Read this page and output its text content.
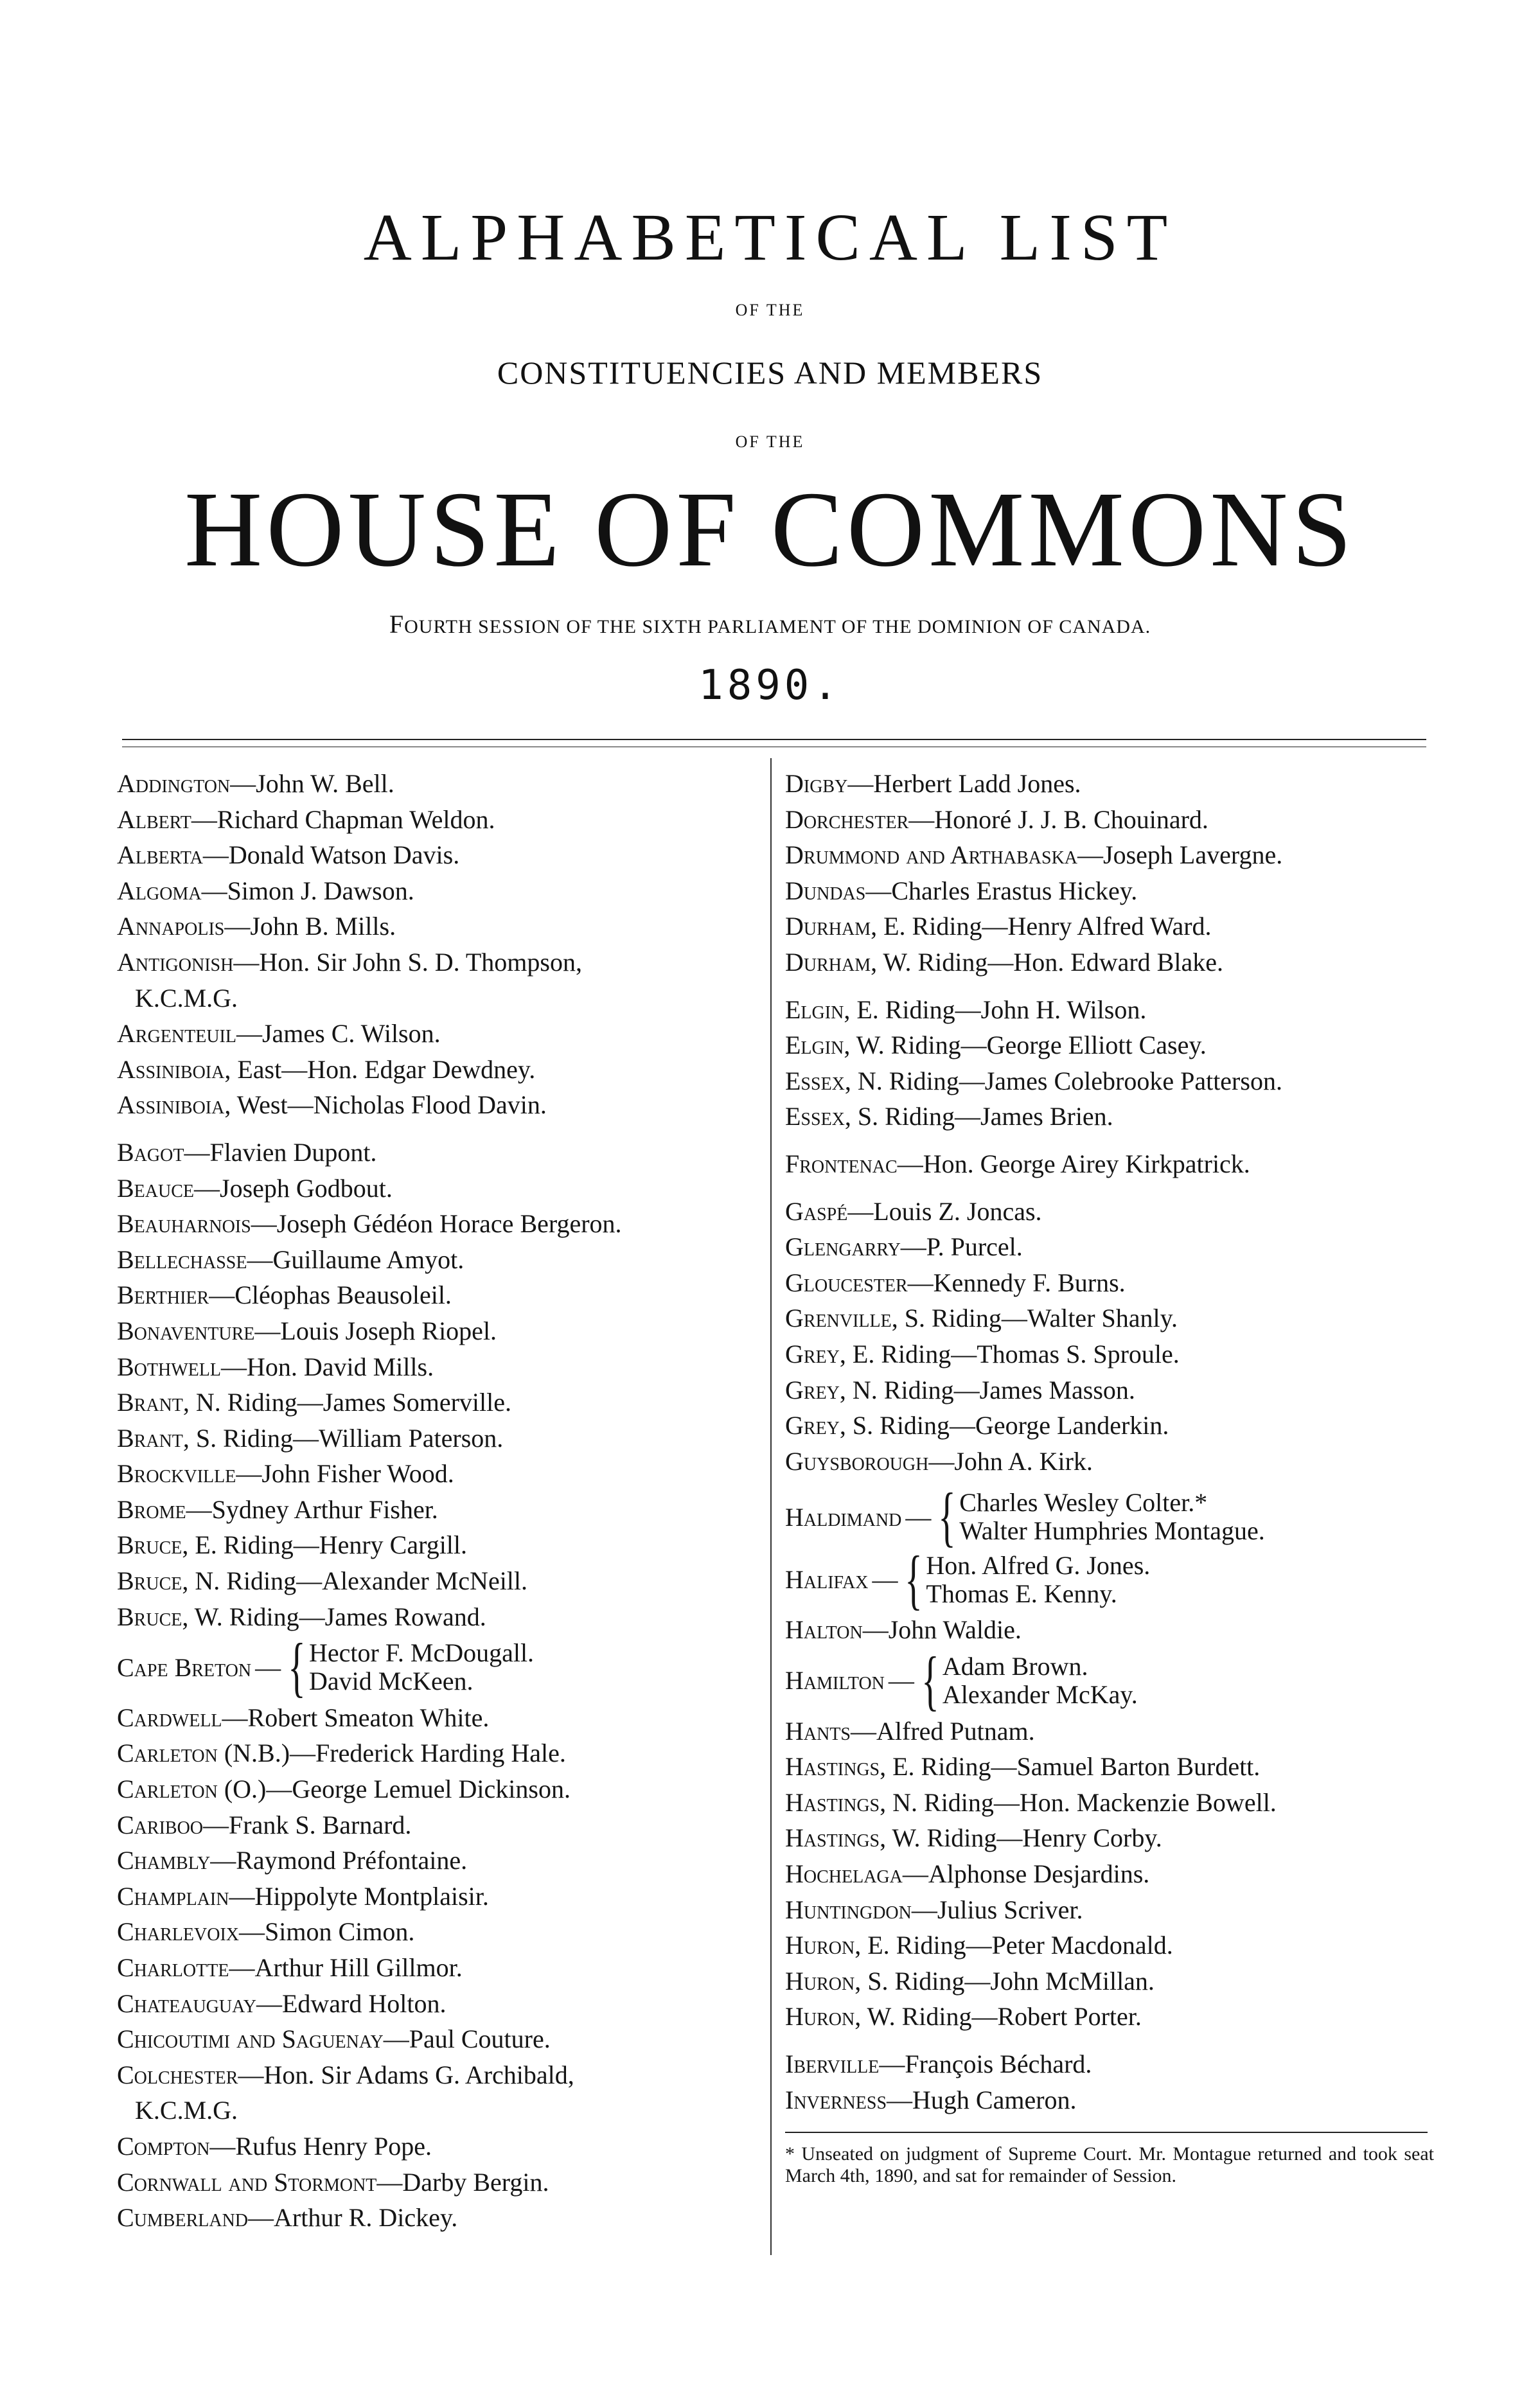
ALPHABETICAL LIST
OF THE
CONSTITUENCIES AND MEMBERS
OF THE
HOUSE OF COMMONS
FOURTH SESSION OF THE SIXTH PARLIAMENT OF THE DOMINION OF CANADA.
1890.
Addington—John W. Bell.
Albert—Richard Chapman Weldon.
Alberta—Donald Watson Davis.
Algoma—Simon J. Dawson.
Annapolis—John B. Mills.
Antigonish—Hon. Sir John S. D. Thompson,
K.C.M.G.
Argenteuil—James C. Wilson.
Assiniboia, East—Hon. Edgar Dewdney.
Assiniboia, West—Nicholas Flood Davin.
Bagot—Flavien Dupont.
Beauce—Joseph Godbout.
Beauharnois—Joseph Gédéon Horace Bergeron.
Bellechasse—Guillaume Amyot.
Berthier—Cléophas Beausoleil.
Bonaventure—Louis Joseph Riopel.
Bothwell—Hon. David Mills.
Brant, N. Riding—James Somerville.
Brant, S. Riding—William Paterson.
Brockville—John Fisher Wood.
Brome—Sydney Arthur Fisher.
Bruce, E. Riding—Henry Cargill.
Bruce, N. Riding—Alexander McNeill.
Bruce, W. Riding—James Rowand.
Cape Breton — { Hector F. McDougall.
David McKeen.
Cardwell—Robert Smeaton White.
Carleton (N.B.)—Frederick Harding Hale.
Carleton (O.)—George Lemuel Dickinson.
Cariboo—Frank S. Barnard.
Chambly—Raymond Préfontaine.
Champlain—Hippolyte Montplaisir.
Charlevoix—Simon Cimon.
Charlotte—Arthur Hill Gillmor.
Chateauguay—Edward Holton.
Chicoutimi and Saguenay—Paul Couture.
Colchester—Hon. Sir Adams G. Archibald,
K.C.M.G.
Compton—Rufus Henry Pope.
Cornwall and Stormont—Darby Bergin.
Cumberland—Arthur R. Dickey.
Digby—Herbert Ladd Jones.
Dorchester—Honoré J. J. B. Chouinard.
Drummond and Arthabaska—Joseph Lavergne.
Dundas—Charles Erastus Hickey.
Durham, E. Riding—Henry Alfred Ward.
Durham, W. Riding—Hon. Edward Blake.
Elgin, E. Riding—John H. Wilson.
Elgin, W. Riding—George Elliott Casey.
Essex, N. Riding—James Colebrooke Patterson.
Essex, S. Riding—James Brien.
Frontenac—Hon. George Airey Kirkpatrick.
Gaspé—Louis Z. Joncas.
Glengarry—P. Purcel.
Gloucester—Kennedy F. Burns.
Grenville, S. Riding—Walter Shanly.
Grey, E. Riding—Thomas S. Sproule.
Grey, N. Riding—James Masson.
Grey, S. Riding—George Landerkin.
Guysborough—John A. Kirk.
Haldimand — { Charles Wesley Colter.*
Walter Humphries Montague.
Halifax — { Hon. Alfred G. Jones.
Thomas E. Kenny.
Halton—John Waldie.
Hamilton — { Adam Brown.
Alexander McKay.
Hants—Alfred Putnam.
Hastings, E. Riding—Samuel Barton Burdett.
Hastings, N. Riding—Hon. Mackenzie Bowell.
Hastings, W. Riding—Henry Corby.
Hochelaga—Alphonse Desjardins.
Huntingdon—Julius Scriver.
Huron, E. Riding—Peter Macdonald.
Huron, S. Riding—John McMillan.
Huron, W. Riding—Robert Porter.
Iberville—François Béchard.
Inverness—Hugh Cameron.
* Unseated on judgment of Supreme Court. Mr. Montague returned and took seat March 4th, 1890, and sat for remainder of Session.
